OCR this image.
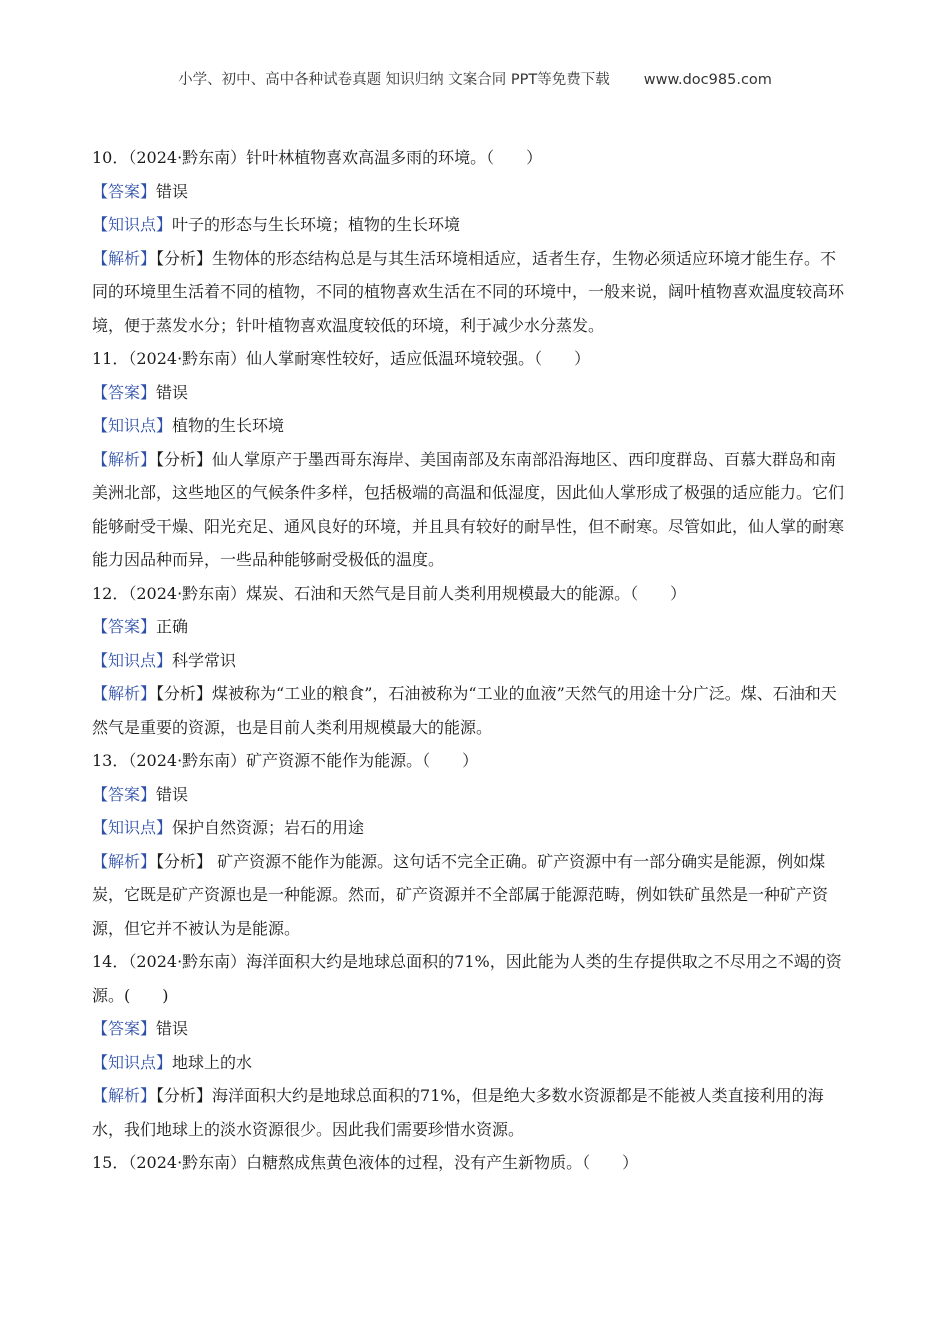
小学、初中、高中各种试卷真题 知识归纳 文案合同 PPT等免费下载 www.doc985.com
10．（2024·黔东南）针叶林植物喜欢高温多雨的环境。（　　）
【答案】错误
【知识点】叶子的形态与生长环境；植物的生长环境
【解析】【分析】生物体的形态结构总是与其生活环境相适应，适者生存，生物必须适应环境才能生存。不同的环境里生活着不同的植物，不同的植物喜欢生活在不同的环境中，一般来说，阔叶植物喜欢温度较高环境，便于蒸发水分；针叶植物喜欢温度较低的环境，利于减少水分蒸发。
11．（2024·黔东南）仙人掌耐寒性较好，适应低温环境较强。（　　）
【答案】错误
【知识点】植物的生长环境
【解析】【分析】仙人掌原产于墨西哥东海岸、美国南部及东南部沿海地区、西印度群岛、百慕大群岛和南美洲北部，这些地区的气候条件多样，包括极端的高温和低湿度，因此仙人掌形成了极强的适应能力。它们能够耐受干燥、阳光充足、通风良好的环境，并且具有较好的耐旱性，但不耐寒。尽管如此，仙人掌的耐寒能力因品种而异，一些品种能够耐受极低的温度。
12．（2024·黔东南）煤炭、石油和天然气是目前人类利用规模最大的能源。（　　）
【答案】正确
【知识点】科学常识
【解析】【分析】煤被称为“工业的粮食”，石油被称为“工业的血液”天然气的用途十分广泛。煤、石油和天然气是重要的资源，也是目前人类利用规模最大的能源。
13．（2024·黔东南）矿产资源不能作为能源。（　　）
【答案】错误
【知识点】保护自然资源；岩石的用途
【解析】【分析】 矿产资源不能作为能源。这句话不完全正确。矿产资源中有一部分确实是能源，例如煤炭，它既是矿产资源也是一种能源。然而，矿产资源并不全部属于能源范畴，例如铁矿虽然是一种矿产资源，但它并不被认为是能源。
14．（2024·黔东南）海洋面积大约是地球总面积的71%，因此能为人类的生存提供取之不尽用之不竭的资源。(　　)
【答案】错误
【知识点】地球上的水
【解析】【分析】海洋面积大约是地球总面积的71%，但是绝大多数水资源都是不能被人类直接利用的海水，我们地球上的淡水资源很少。因此我们需要珍惜水资源。
15．（2024·黔东南）白糖熬成焦黄色液体的过程，没有产生新物质。（　　）
